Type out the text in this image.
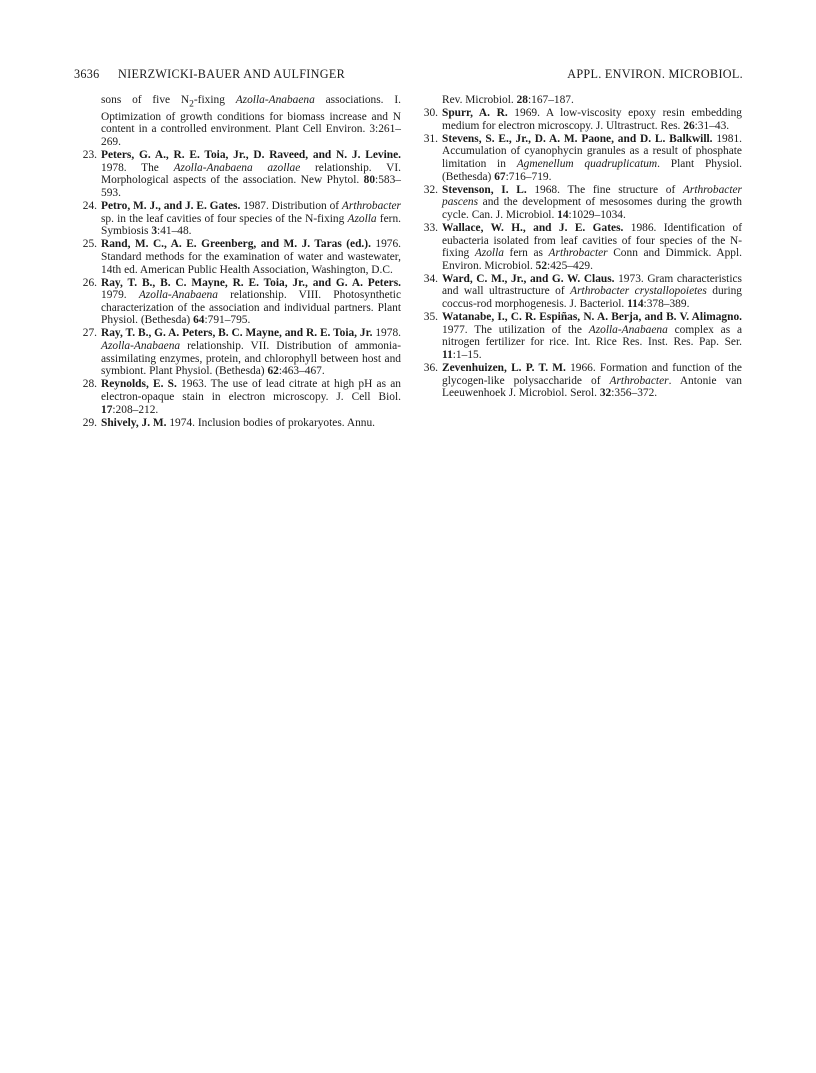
3636 NIERZWICKI-BAUER AND AULFINGER	APPL. ENVIRON. MICROBIOL.

sons of five $N_2$-fixing Azolla-Anabaena associations. I. Optimization of growth conditions for biomass increase and N content in a controlled environment. Plant Cell Environ. 3:261–269.

23. Peters, G. A., R. E. Toia, Jr., D. Raveed, and N. J. Levine. 1978. The Azolla-Anabaena azollae relationship. VI. Morphological aspects of the association. New Phytol. 80:583–593.

24. Petro, M. J., and J. E. Gates. 1987. Distribution of Arthrobacter sp. in the leaf cavities of four species of the N-fixing Azolla fern. Symbiosis 3:41–48.

25. Rand, M. C., A. E. Greenberg, and M. J. Taras (ed.). 1976. Standard methods for the examination of water and wastewater, 14th ed. American Public Health Association, Washington, D.C.

26. Ray, T. B., B. C. Mayne, R. E. Toia, Jr., and G. A. Peters. 1979. Azolla-Anabaena relationship. VIII. Photosynthetic characterization of the association and individual partners. Plant Physiol. (Bethesda) 64:791–795.

27. Ray, T. B., G. A. Peters, B. C. Mayne, and R. E. Toia, Jr. 1978. Azolla-Anabaena relationship. VII. Distribution of ammonia-assimilating enzymes, protein, and chlorophyll between host and symbiont. Plant Physiol. (Bethesda) 62:463–467.

28. Reynolds, E. S. 1963. The use of lead citrate at high pH as an electron-opaque stain in electron microscopy. J. Cell Biol. 17:208–212.

29. Shively, J. M. 1974. Inclusion bodies of prokaryotes. Annu.

Rev. Microbiol. 28:167–187.

30. Spurr, A. R. 1969. A low-viscosity epoxy resin embedding medium for electron microscopy. J. Ultrastruct. Res. 26:31–43.

31. Stevens, S. E., Jr., D. A. M. Paone, and D. L. Balkwill. 1981. Accumulation of cyanophycin granules as a result of phosphate limitation in Agmenellum quadruplicatum. Plant Physiol. (Bethesda) 67:716–719.

32. Stevenson, I. L. 1968. The fine structure of Arthrobacter pascens and the development of mesosomes during the growth cycle. Can. J. Microbiol. 14:1029–1034.

33. Wallace, W. H., and J. E. Gates. 1986. Identification of eubacteria isolated from leaf cavities of four species of the N-fixing Azolla fern as Arthrobacter Conn and Dimmick. Appl. Environ. Microbiol. 52:425–429.

34. Ward, C. M., Jr., and G. W. Claus. 1973. Gram characteristics and wall ultrastructure of Arthrobacter crystallopoietes during coccus-rod morphogenesis. J. Bacteriol. 114:378–389.

35. Watanabe, I., C. R. Espiñas, N. A. Berja, and B. V. Alimagno. 1977. The utilization of the Azolla-Anabaena complex as a nitrogen fertilizer for rice. Int. Rice Res. Inst. Res. Pap. Ser. 11:1–15.

36. Zevenhuizen, L. P. T. M. 1966. Formation and function of the glycogen-like polysaccharide of Arthrobacter. Antonie van Leeuwenhoek J. Microbiol. Serol. 32:356–372.
